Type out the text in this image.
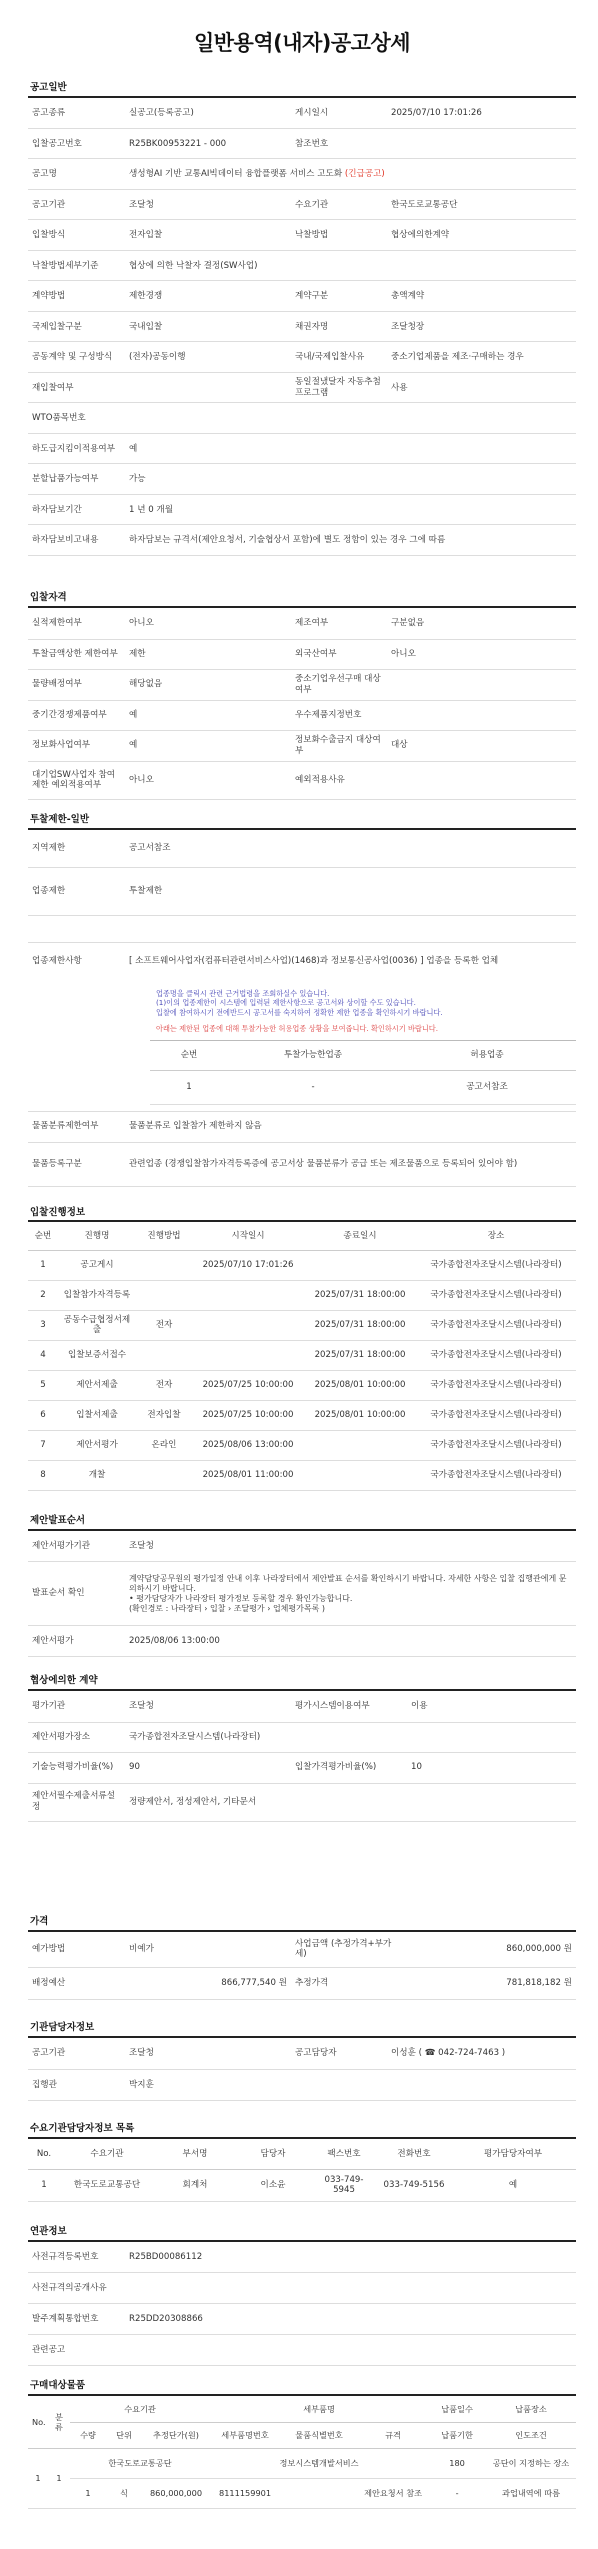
일반용역(내자)공고상세
공고일반
공고종류	실공고(등록공고)	게시일시	2025/07/10 17:01:26
입찰공고번호	R25BK00953221 - 000	참조번호	
공고명	생성형AI 기반 교통AI빅데이터 융합플랫폼 서비스 고도화 (긴급공고)		
공고기관	조달청	수요기관	한국도로교통공단
입찰방식	전자입찰	낙찰방법	협상에의한계약
낙찰방법세부기준	협상에 의한 낙찰자 결정(SW사업)		
계약방법	제한경쟁	계약구분	총액계약
국제입찰구분	국내입찰	채권자명	조달청장
공동계약 및 구성방식	(전자)공동이행	국내/국제입찰사유	중소기업제품을 제조·구매하는 경우
재입찰여부		동일절냈달자 자동추첨 프로그램	사용
WTO품목번호			
하도급지킴이적용여부	예		
분할납품가능여부	가능		
하자담보기간	1 년 0 개월		
하자담보비고내용	하자담보는 규격서(제안요청서, 기술협상서 포함)에 별도 정함이 있는 경우 그에 따름		
입찰자격
실적제한여부	아니오	제조여부	구분없음
투찰금액상한 제한여부	제한	외국산여부	아니오
물량배정여부	해당없음	중소기업우선구매 대상여부	
중기간경쟁제품여부	예	우수제품지정번호	
정보화사업여부	예	정보화수출금지 대상여부	대상
대기업SW사업자 참여제한 예외적용여부	아니오	예외적용사유	
투찰제한-일반
지역제한	공고서참조
업종제한	투찰제한
업종제한사항	[ 소프트웨어사업자(컴퓨터관련서비스사업)(1468)과 정보통신공사업(0036) ] 업종을 등록한 업체

업종명을 클릭시 관련 근거법령을 조회하실수 있습니다.

(1)이의 업종제한이 시스템에 입력된 제한사항으로 공고서와 상이할 수도 있습니다.

입찰에 참여하시기 전에반드시 공고서를 숙지하여 정확한 제한 업종을 확인하시기 바랍니다.

아래는 제한된 업종에 대해 투찰가능한 허용업종 상황을 보여줍니다. 확인하시기 바랍니다.

순번	투찰가능한업종	허용업종
1	-	공고서참조
물품분류제한여부	물품분류로 입찰참가 제한하지 않음
물품등록구분	관련업종 (경쟁입찰참가자격등록증에 공고서상 물품분류가 공급 또는 제조물품으로 등록되어 있어야 함)
입찰진행정보
순번	진행명	진행방법	시작일시	종료일시	장소
1	공고게시		2025/07/10 17:01:26		국가종합전자조달시스템(나라장터)
2	입찰참가자격등록			2025/07/31 18:00:00	국가종합전자조달시스템(나라장터)
3	공동수급협정서제출	전자		2025/07/31 18:00:00	국가종합전자조달시스템(나라장터)
4	입찰보증서접수			2025/07/31 18:00:00	국가종합전자조달시스템(나라장터)
5	제안서제출	전자	2025/07/25 10:00:00	2025/08/01 10:00:00	국가종합전자조달시스템(나라장터)
6	입찰서제출	전자입찰	2025/07/25 10:00:00	2025/08/01 10:00:00	국가종합전자조달시스템(나라장터)
7	제안서평가	온라인	2025/08/06 13:00:00		국가종합전자조달시스템(나라장터)
8	개찰		2025/08/01 11:00:00		국가종합전자조달시스템(나라장터)
제안발표순서
제안서평가기관	조달청
발표순서 확인	계약담당공무원의 평가일정 안내 이후 나라장터에서 제안발표 순서를 확인하시기 바랍니다. 자세한 사항은 입찰 집행관에게 문의하시기 바랍니다.
• 평가담당자가 나라장터 평가정보 등록할 경우 확인가능합니다.
(확인경로 : 나라장터 › 입찰 › 조달평가 › 업체평가목록 )

제안서평가	2025/08/06 13:00:00
협상에의한 계약
평가기관	조달청	평가시스템이용여부	이용
제안서평가장소	국가종합전자조달시스템(나라장터)		
기술능력평가비율(%)	90	입찰가격평가비율(%)	10
제안서필수제출서류설정	정량제안서, 정성제안서, 기타문서		
가격
예가방법	비예가	사업금액 (추정가격+부가세)	860,000,000 원
배정예산	866,777,540 원	추정가격	781,818,182 원
기관담당자정보
공고기관	조달청	공고담당자	이성훈 ( ☎ 042-724-7463 )
집행관	박지훈		
수요기관담당자정보 목록
No.	수요기관	부서명	담당자	팩스번호	전화번호	평가담당자여부
1	한국도로교통공단	회계처	이소윤	033-749-5945	033-749-5156	예
연관정보
사전규격등록번호	R25BD00086112
사전규격의공개사유	
발주계획통합번호	R25DD20308866
관련공고	
구매대상물품
No.	분류	수요기관			세부품명			납품일수	납품장소
		수량	단위	추정단가(원)	세부품명번호	물품식별번호	규격	납품기한	인도조건
1	1	한국도로교통공단			정보시스템개발서비스			180	공단이 지정하는 장소
		1	식	860,000,000	8111159901		제안요청서 참조	-	과업내역에 따름
